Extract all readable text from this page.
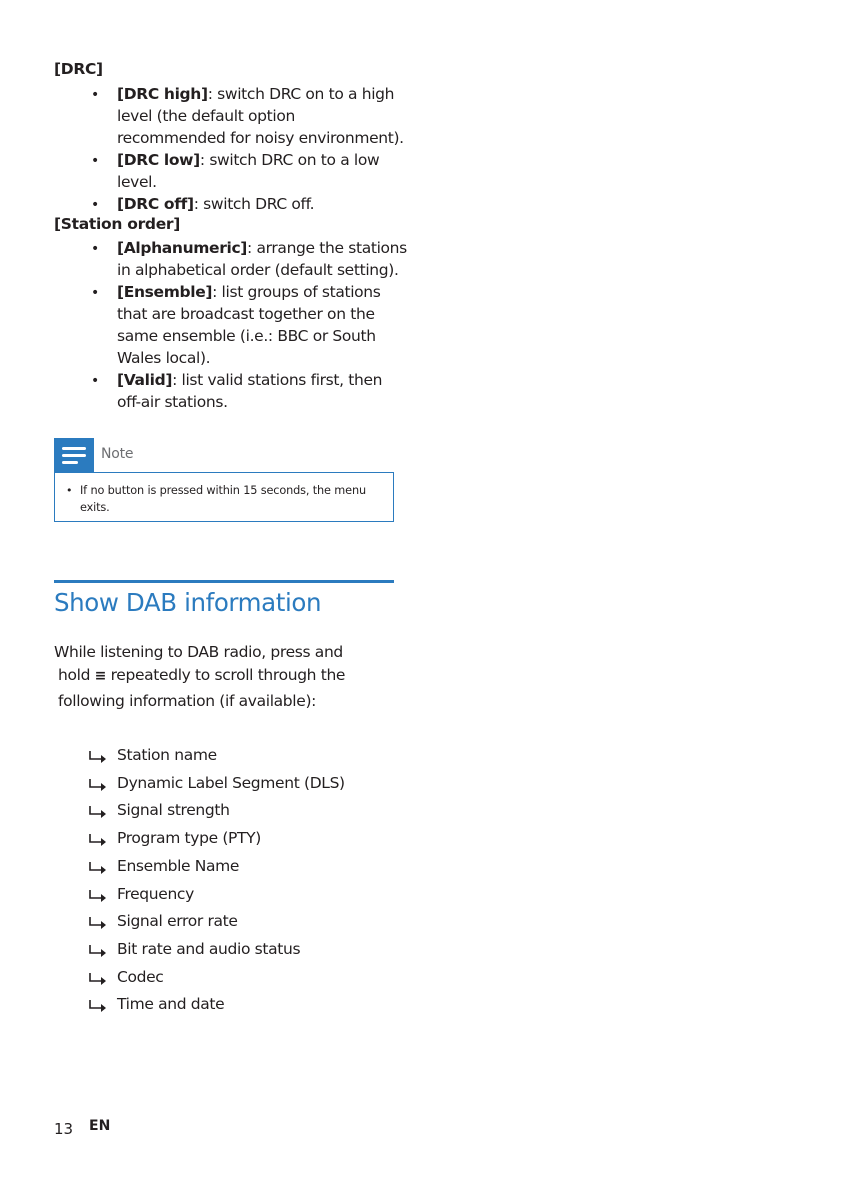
[DRC]
• [DRC high]: switch DRC on to a high level (the default option recommended for noisy environment).
• [DRC low]: switch DRC on to a low level.
• [DRC off]: switch DRC off.
[Station order]
• [Alphanumeric]: arrange the stations in alphabetical order (default setting).
• [Ensemble]: list groups of stations that are broadcast together on the same ensemble (i.e.: BBC or South Wales local).
• [Valid]: list valid stations first, then off-air stations.
Note
• If no button is pressed within 15 seconds, the menu exits.
Show DAB information
While listening to DAB radio, press and
hold ≡ repeatedly to scroll through the
following information (if available):
Station name
Dynamic Label Segment (DLS)
Signal strength
Program type (PTY)
Ensemble Name
Frequency
Signal error rate
Bit rate and audio status
Codec
Time and date
13 EN
